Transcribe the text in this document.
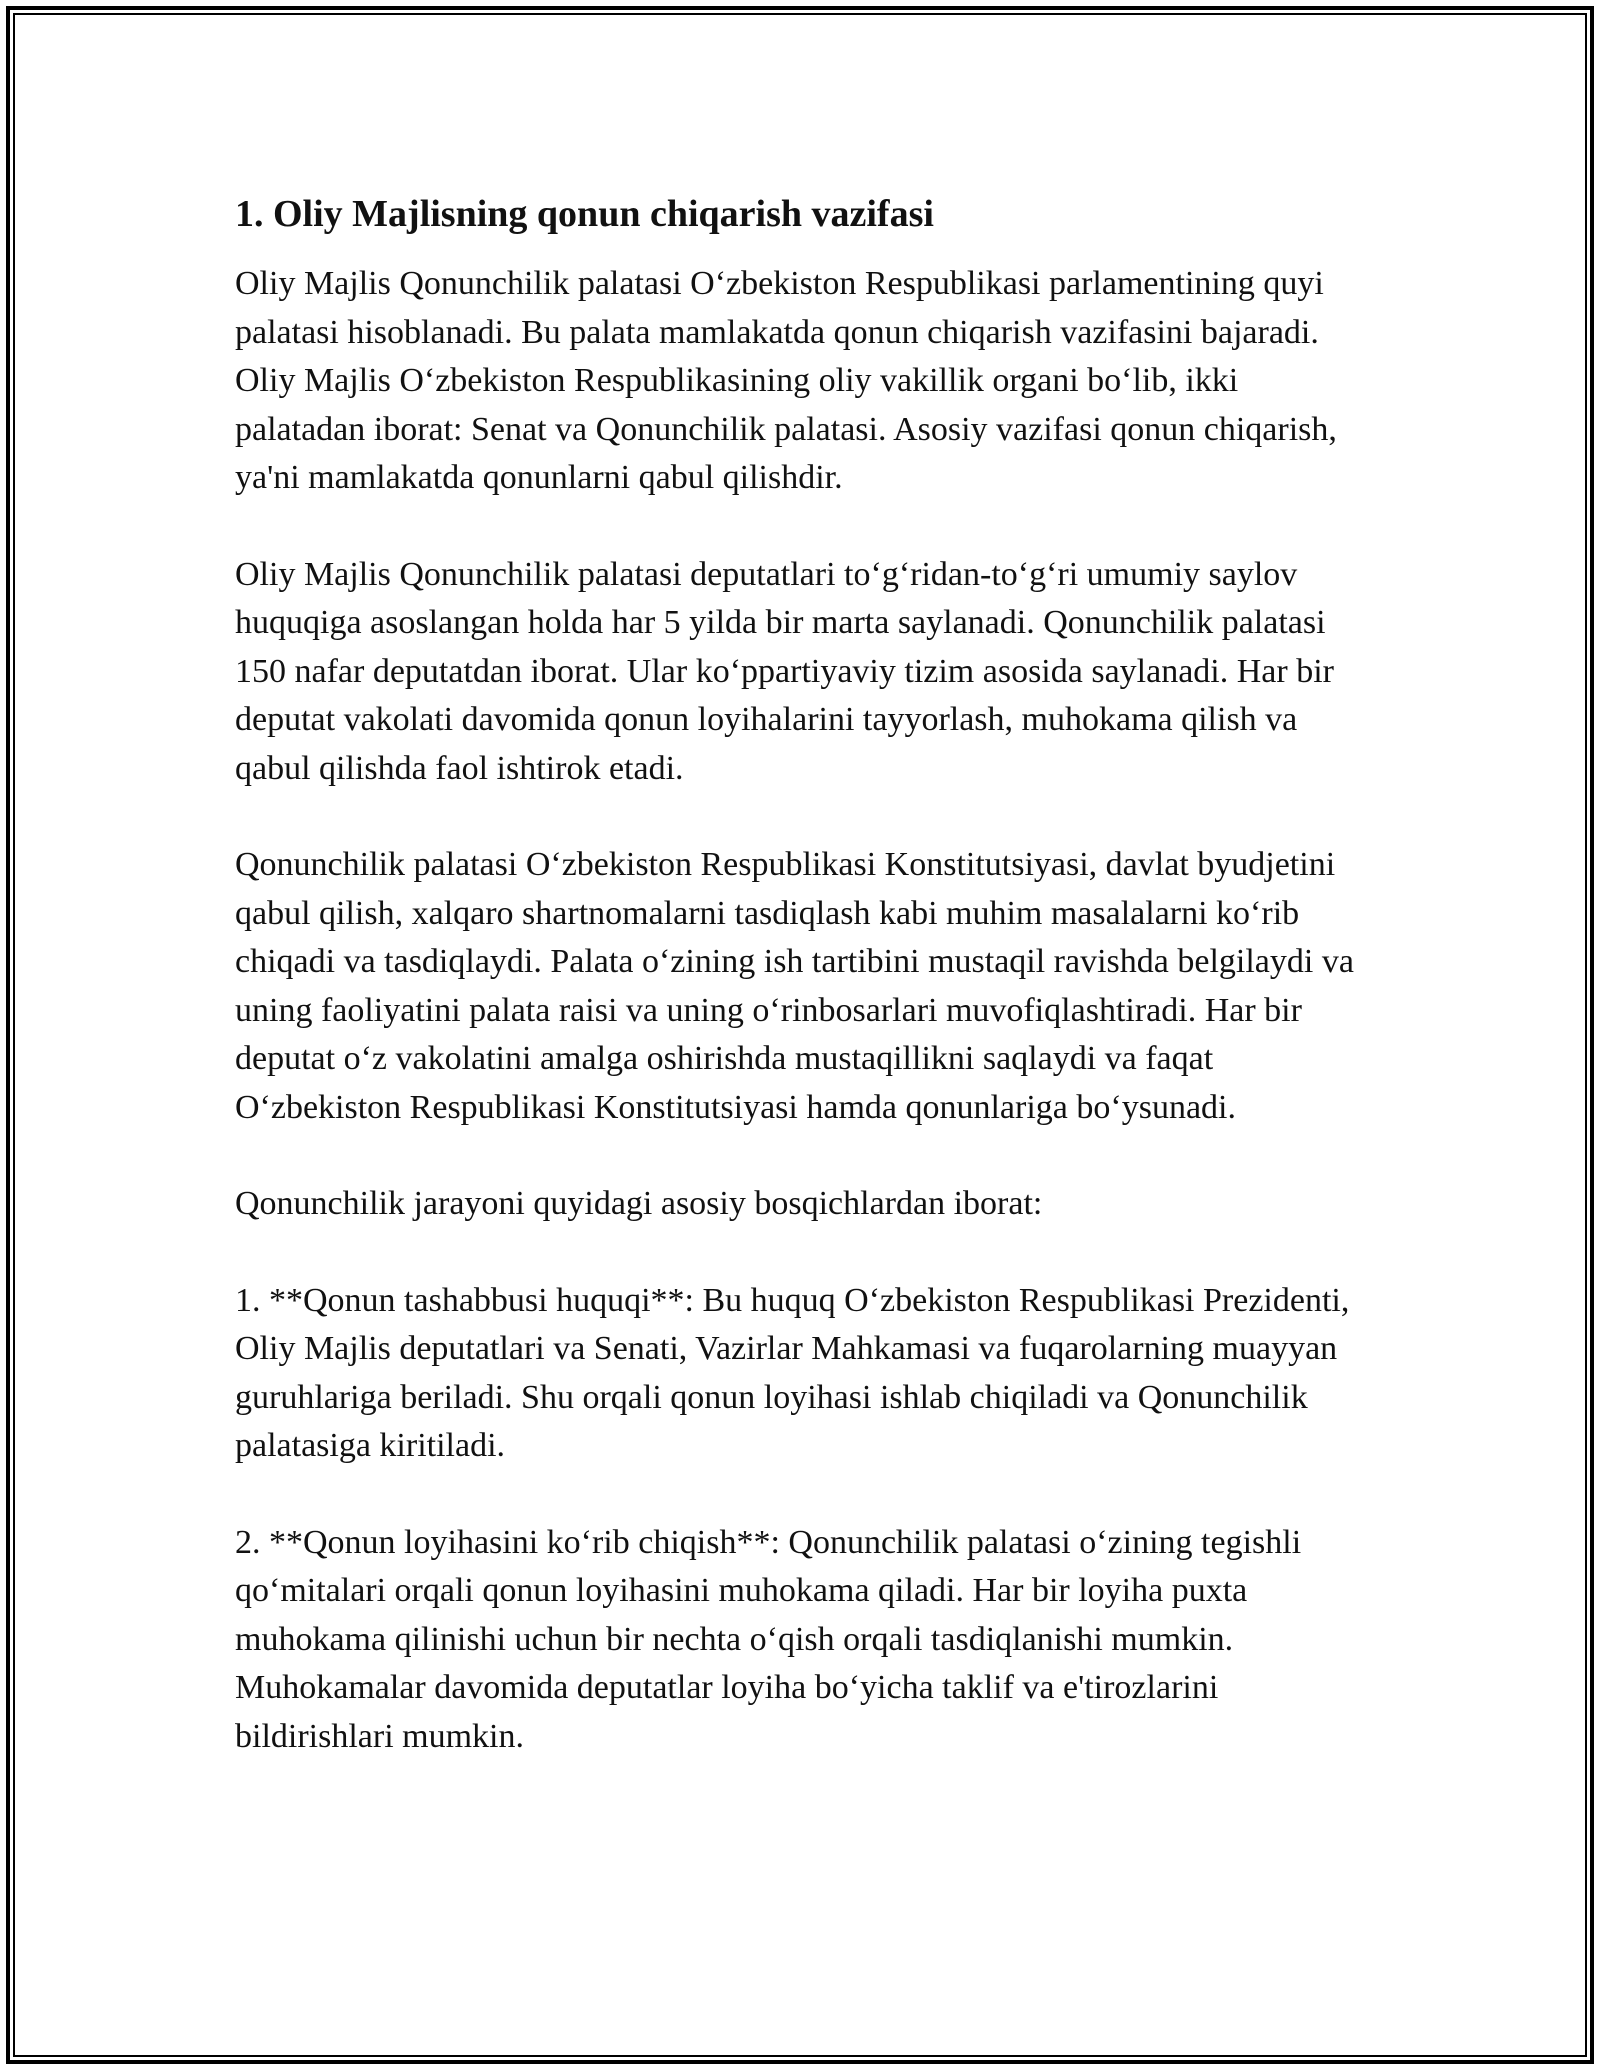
1. Oliy Majlisning qonun chiqarish vazifasi

Oliy Majlis Qonunchilik palatasi O‘zbekiston Respublikasi parlamentining quyi palatasi hisoblanadi. Bu palata mamlakatda qonun chiqarish vazifasini bajaradi. Oliy Majlis O‘zbekiston Respublikasining oliy vakillik organi bo‘lib, ikki palatadan iborat: Senat va Qonunchilik palatasi. Asosiy vazifasi qonun chiqarish, ya'ni mamlakatda qonunlarni qabul qilishdir.

Oliy Majlis Qonunchilik palatasi deputatlari to‘g‘ridan-to‘g‘ri umumiy saylov huquqiga asoslangan holda har 5 yilda bir marta saylanadi. Qonunchilik palatasi 150 nafar deputatdan iborat. Ular ko‘ppartiyaviy tizim asosida saylanadi. Har bir deputat vakolati davomida qonun loyihalarini tayyorlash, muhokama qilish va qabul qilishda faol ishtirok etadi.

Qonunchilik palatasi O‘zbekiston Respublikasi Konstitutsiyasi, davlat byudjetini qabul qilish, xalqaro shartnomalarni tasdiqlash kabi muhim masalalarni ko‘rib chiqadi va tasdiqlaydi. Palata o‘zining ish tartibini mustaqil ravishda belgilaydi va uning faoliyatini palata raisi va uning o‘rinbosarlari muvofiqlashtiradi. Har bir deputat o‘z vakolatini amalga oshirishda mustaqillikni saqlaydi va faqat O‘zbekiston Respublikasi Konstitutsiyasi hamda qonunlariga bo‘ysunadi.

Qonunchilik jarayoni quyidagi asosiy bosqichlardan iborat:

1. **Qonun tashabbusi huquqi**: Bu huquq O‘zbekiston Respublikasi Prezidenti, Oliy Majlis deputatlari va Senati, Vazirlar Mahkamasi va fuqarolarning muayyan guruhlariga beriladi. Shu orqali qonun loyihasi ishlab chiqiladi va Qonunchilik palatasiga kiritiladi.

2. **Qonun loyihasini ko‘rib chiqish**: Qonunchilik palatasi o‘zining tegishli qo‘mitalari orqali qonun loyihasini muhokama qiladi. Har bir loyiha puxta muhokama qilinishi uchun bir nechta o‘qish orqali tasdiqlanishi mumkin. Muhokamalar davomida deputatlar loyiha bo‘yicha taklif va e'tirozlarini bildirishlari mumkin.
